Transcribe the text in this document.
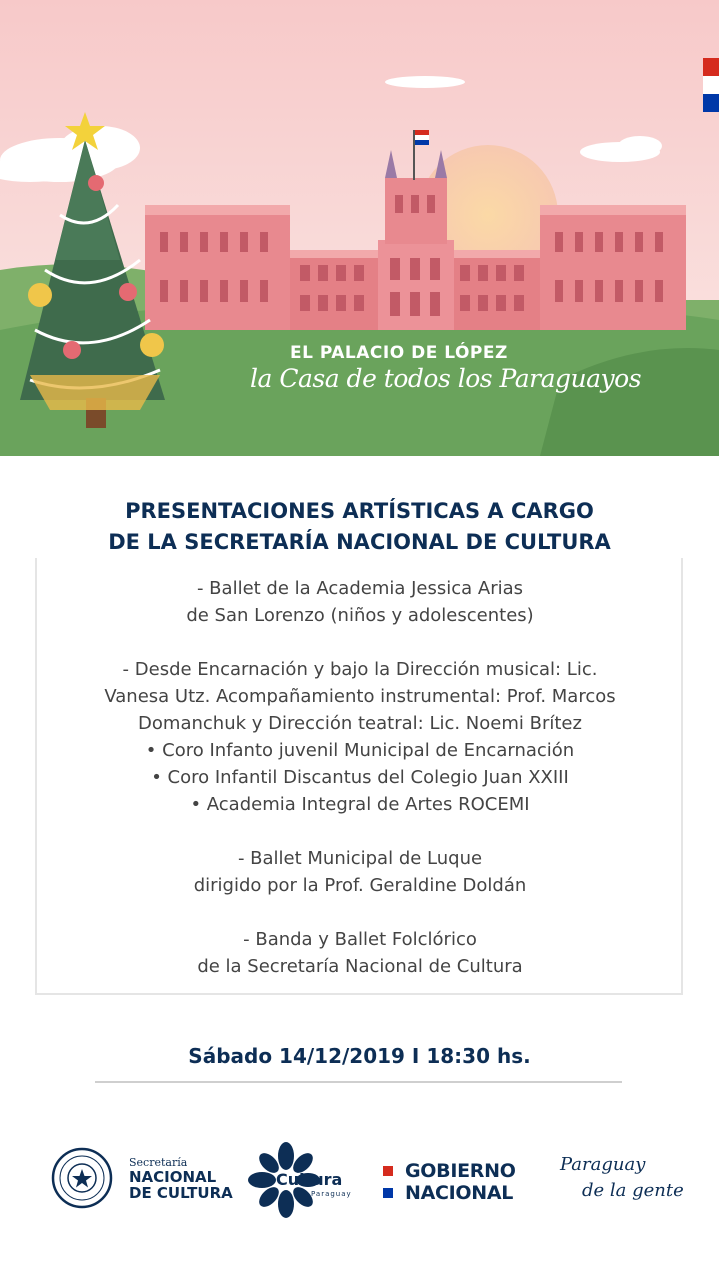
EL PALACIO DE LÓPEZ
la Casa de todos los Paraguayos
PRESENTACIONES ARTÍSTICAS A CARGO
DE LA SECRETARÍA NACIONAL DE CULTURA

- Ballet de la Academia Jessica Arias
de San Lorenzo (niños y adolescentes)

- Desde Encarnación y bajo la Dirección musical: Lic.
Vanesa Utz. Acompañamiento instrumental: Prof. Marcos
Domanchuk y Dirección teatral: Lic. Noemi Brítez
• Coro Infanto juvenil Municipal de Encarnación
• Coro Infantil Discantus del Colegio Juan XXIII
• Academia Integral de Artes ROCEMI

- Ballet Municipal de Luque
dirigido por la Prof. Geraldine Doldán

- Banda y Ballet Folclórico
de la Secretaría Nacional de Cultura

Sábado 14/12/2019 I 18:30 hs.
Secretaría
NACIONAL
DE CULTURA
Cultura
Paraguay
GOBIERNO
NACIONAL
Paraguay
de la gente
